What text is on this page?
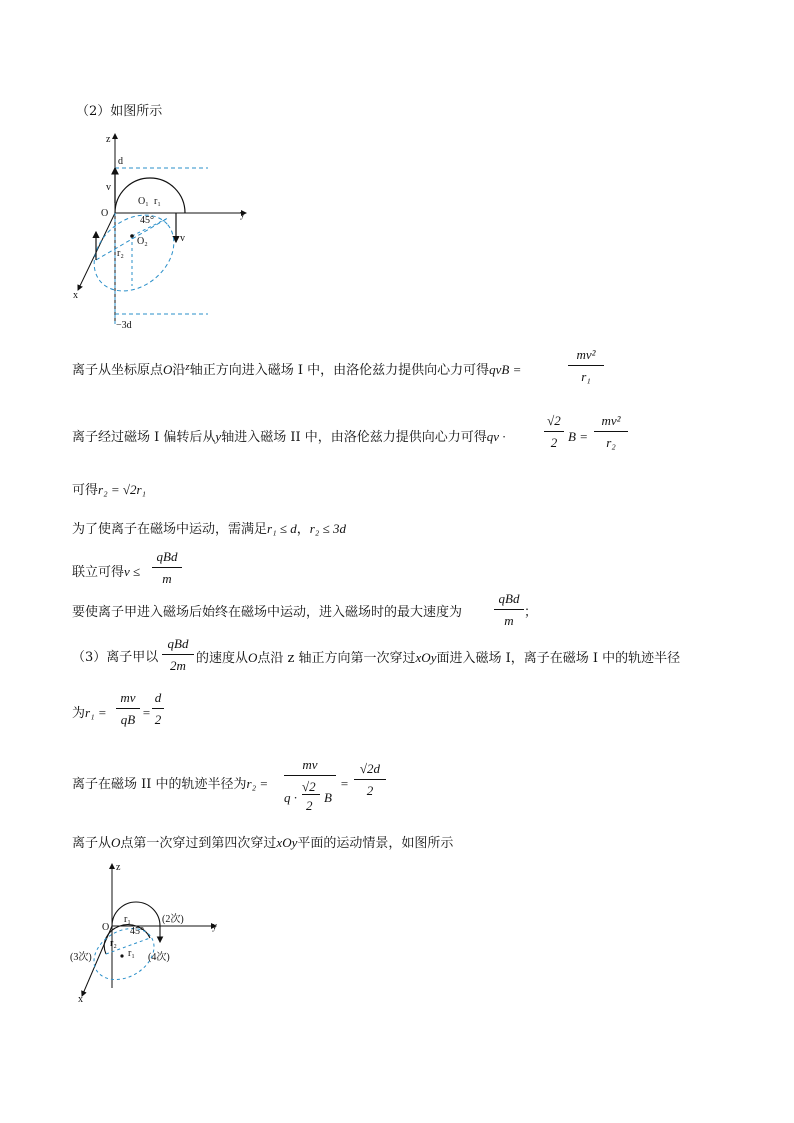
（2）如图所示
z
d
v
O
O₁ r₁
45°
y
O₂	v
r₂
x
−3d
离子从坐标原点O沿$^z$轴正方向进入磁场 I 中，由洛伦兹力提供向心力可得qvB =
mv²
r₁
离子经过磁场 I 偏转后从y轴进入磁场 II 中，由洛伦兹力提供向心力可得qv ·
√2
2 B =
mv²
r₂
可得r₂ = √2r₁
为了使离子在磁场中运动，需满足r₁ ≤ d，r₂ ≤ 3d
联立可得v ≤
qBd
m
要使离子甲进入磁场后始终在磁场中运动，进入磁场时的最大速度为
qBd
m
；
（3）离子甲以
qBd
2m 的速度从O点沿 z 轴正方向第一次穿过xOy面进入磁场 I，离子在磁场 I 中的轨迹半径
为r₁ =
mv
qB =
d
2
离子在磁场 II 中的轨迹半径为r₂ =
mv
q ·
√2
2
B
=
√2d
2
离子从O点第一次穿过到第四次穿过xOy平面的运动情景，如图所示
z
O
r₁	(2次)
y
45°
r₂
(3次)	r₁ (4次)
x
